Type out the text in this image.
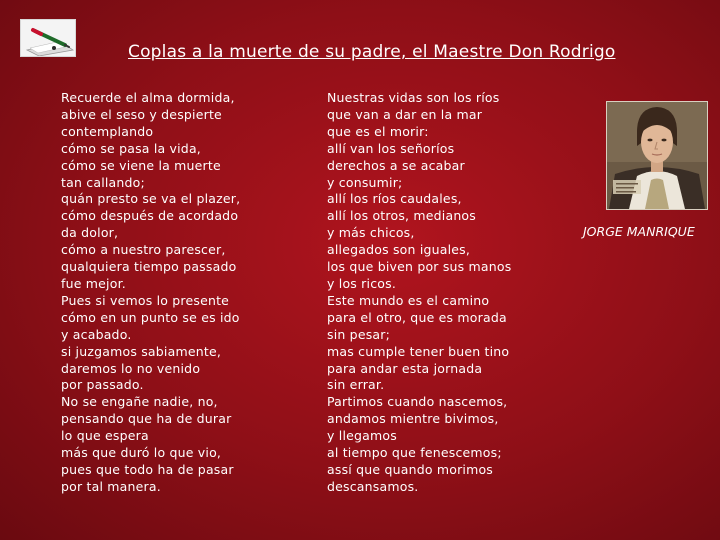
Coplas a la muerte de su padre, el Maestre Don Rodrigo
Recuerde el alma dormida,
abive el seso y despierte
contemplando
cómo se pasa la vida,
cómo se viene la muerte
tan callando;
quán presto se va el plazer,
cómo después de acordado
da dolor,
cómo a nuestro parescer,
qualquiera tiempo passado
fue mejor.
Pues si vemos lo presente
cómo en un punto se es ido
y acabado.
si juzgamos sabiamente,
daremos lo no venido
por passado.
No se engañe nadie, no,
pensando que ha de durar
lo que espera
más que duró lo que vio,
pues que todo ha de pasar
por tal manera.
Nuestras vidas son los ríos
que van a dar en la mar
que es el morir:
allí van los señoríos
derechos a se acabar
y consumir;
allí los ríos caudales,
allí los otros, medianos
y más chicos,
allegados son iguales,
los que biven por sus manos
y los ricos.
Este mundo es el camino
para el otro, que es morada
sin pesar;
mas cumple tener buen tino
para andar esta jornada
sin errar.
Partimos cuando nascemos,
andamos mientre bivimos,
y llegamos
al tiempo que fenescemos;
assí que quando morimos
descansamos.
JORGE MANRIQUE
